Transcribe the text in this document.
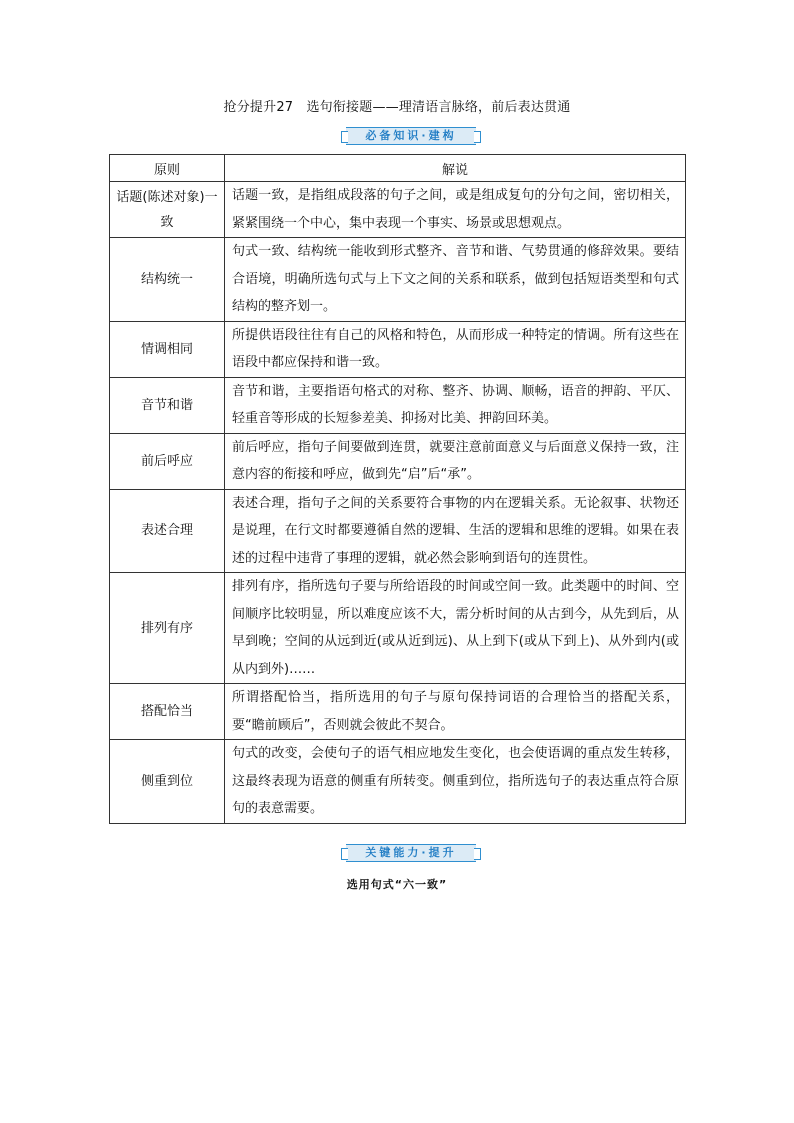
抢分提升27　选句衔接题——理清语言脉络，前后表达贯通
必备知识·建构
原则	解说
话题(陈述对象)一致	话题一致，是指组成段落的句子之间，或是组成复句的分句之间，密切相关，紧紧围绕一个中心，集中表现一个事实、场景或思想观点。
结构统一	句式一致、结构统一能收到形式整齐、音节和谐、气势贯通的修辞效果。要结合语境，明确所选句式与上下文之间的关系和联系，做到包括短语类型和句式结构的整齐划一。
情调相同	所提供语段往往有自己的风格和特色，从而形成一种特定的情调。所有这些在语段中都应保持和谐一致。
音节和谐	音节和谐，主要指语句格式的对称、整齐、协调、顺畅，语音的押韵、平仄、轻重音等形成的长短参差美、抑扬对比美、押韵回环美。
前后呼应	前后呼应，指句子间要做到连贯，就要注意前面意义与后面意义保持一致，注意内容的衔接和呼应，做到先“启”后“承”。
表述合理	表述合理，指句子之间的关系要符合事物的内在逻辑关系。无论叙事、状物还是说理，在行文时都要遵循自然的逻辑、生活的逻辑和思维的逻辑。如果在表述的过程中违背了事理的逻辑，就必然会影响到语句的连贯性。
排列有序	排列有序，指所选句子要与所给语段的时间或空间一致。此类题中的时间、空间顺序比较明显，所以难度应该不大，需分析时间的从古到今，从先到后，从早到晚；空间的从远到近(或从近到远)、从上到下(或从下到上)、从外到内(或从内到外)……
搭配恰当	所谓搭配恰当，指所选用的句子与原句保持词语的合理恰当的搭配关系，要“瞻前顾后”，否则就会彼此不契合。
侧重到位	句式的改变，会使句子的语气相应地发生变化，也会使语调的重点发生转移，这最终表现为语意的侧重有所转变。侧重到位，指所选句子的表达重点符合原句的表意需要。
关键能力·提升
选用句式“六一致”
